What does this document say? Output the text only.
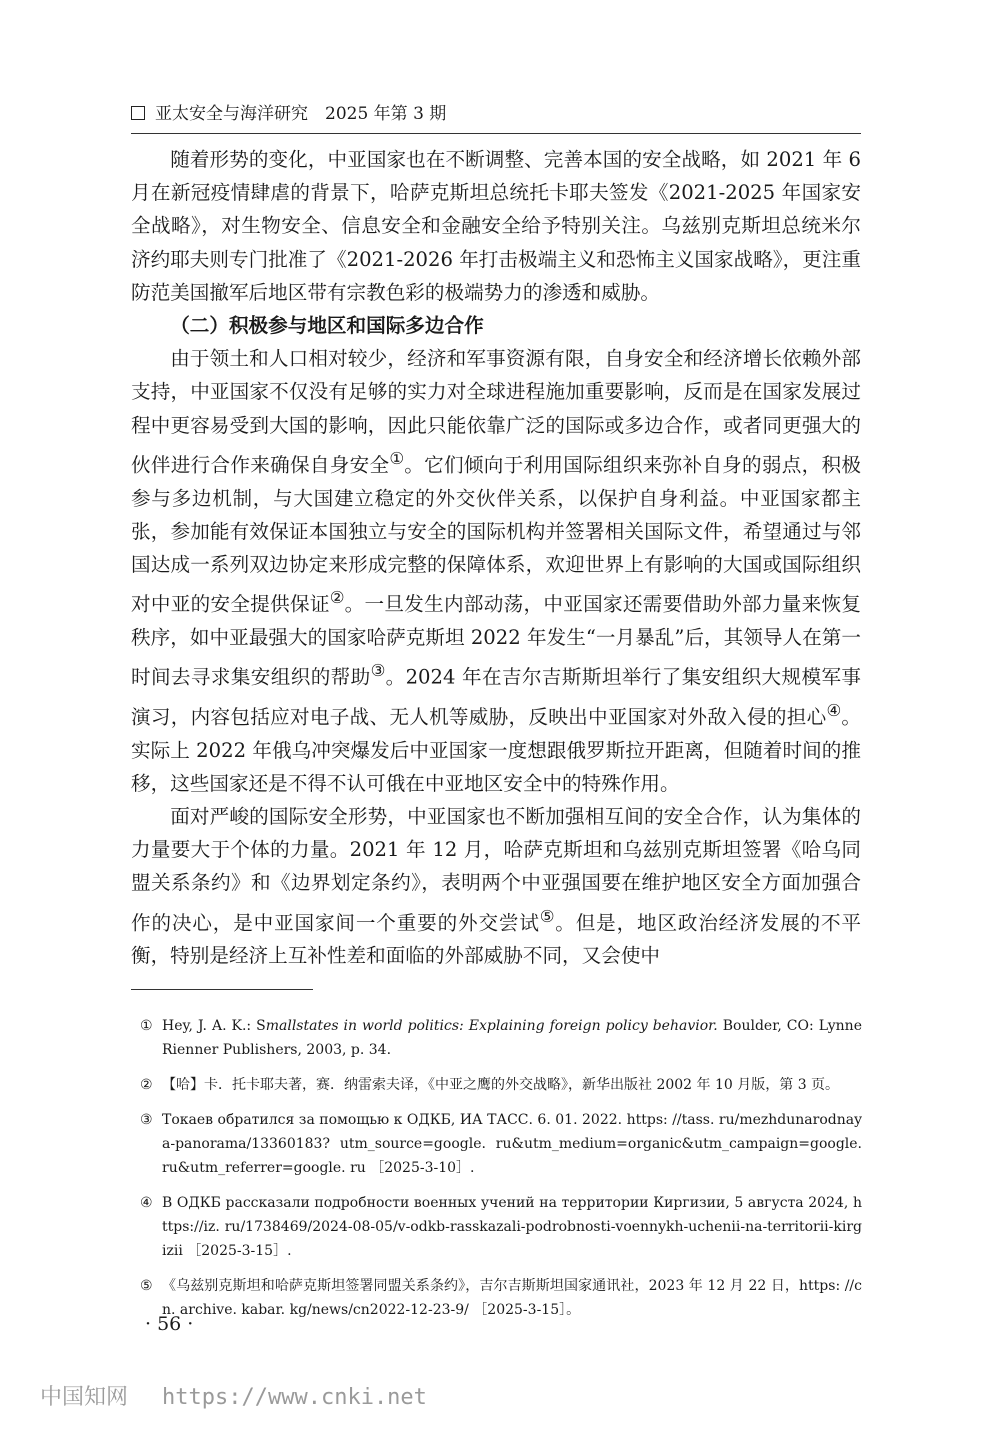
亚太安全与海洋研究　2025 年第 3 期

随着形势的变化，中亚国家也在不断调整、完善本国的安全战略，如 2021 年 6 月在新冠疫情肆虐的背景下，哈萨克斯坦总统托卡耶夫签发《2021-2025 年国家安全战略》，对生物安全、信息安全和金融安全给予特别关注。乌兹别克斯坦总统米尔济约耶夫则专门批准了《2021-2026 年打击极端主义和恐怖主义国家战略》，更注重防范美国撤军后地区带有宗教色彩的极端势力的渗透和威胁。

（二）积极参与地区和国际多边合作

由于领土和人口相对较少，经济和军事资源有限，自身安全和经济增长依赖外部支持，中亚国家不仅没有足够的实力对全球进程施加重要影响，反而是在国家发展过程中更容易受到大国的影响，因此只能依靠广泛的国际或多边合作，或者同更强大的伙伴进行合作来确保自身安全①。它们倾向于利用国际组织来弥补自身的弱点，积极参与多边机制，与大国建立稳定的外交伙伴关系，以保护自身利益。中亚国家都主张，参加能有效保证本国独立与安全的国际机构并签署相关国际文件，希望通过与邻国达成一系列双边协定来形成完整的保障体系，欢迎世界上有影响的大国或国际组织对中亚的安全提供保证②。一旦发生内部动荡，中亚国家还需要借助外部力量来恢复秩序，如中亚最强大的国家哈萨克斯坦 2022 年发生“一月暴乱”后，其领导人在第一时间去寻求集安组织的帮助③。2024 年在吉尔吉斯斯坦举行了集安组织大规模军事演习，内容包括应对电子战、无人机等威胁，反映出中亚国家对外敌入侵的担心④。实际上 2022 年俄乌冲突爆发后中亚国家一度想跟俄罗斯拉开距离，但随着时间的推移，这些国家还是不得不认可俄在中亚地区安全中的特殊作用。

面对严峻的国际安全形势，中亚国家也不断加强相互间的安全合作，认为集体的力量要大于个体的力量。2021 年 12 月，哈萨克斯坦和乌兹别克斯坦签署《哈乌同盟关系条约》和《边界划定条约》，表明两个中亚强国要在维护地区安全方面加强合作的决心，是中亚国家间一个重要的外交尝试⑤。但是，地区政治经济发展的不平衡，特别是经济上互补性差和面临的外部威胁不同，又会使中

① Hey, J. A. K.: Smallstates in world politics: Explaining foreign policy behavior. Boulder, CO: Lynne Rienner Publishers, 2003, p. 34.
② 【哈】卡．托卡耶夫著，赛．纳雷索夫译，《中亚之鹰的外交战略》，新华出版社 2002 年 10 月版，第 3 页。
③ Токаев обратился за помощью к ОДКБ, ИА ТАСС. 6. 01. 2022. https: //tass. ru/mezhdunarodnaya-panorama/13360183? utm_source=google. ru&utm_medium=organic&utm_campaign=google. ru&utm_referrer=google. ru ［2025-3-10］.
④ В ОДКБ рассказали подробности военных учений на территории Киргизии, 5 августа 2024, https://iz. ru/1738469/2024-08-05/v-odkb-rasskazali-podrobnosti-voennykh-uchenii-na-territorii-kirgizii ［2025-3-15］.
⑤ 《乌兹别克斯坦和哈萨克斯坦签署同盟关系条约》，吉尔吉斯斯坦国家通讯社，2023 年 12 月 22 日，https: //cn. archive. kabar. kg/news/cn2022-12-23-9/ ［2025-3-15］。
· 56 ·
中国知网 https://www.cnki.net
